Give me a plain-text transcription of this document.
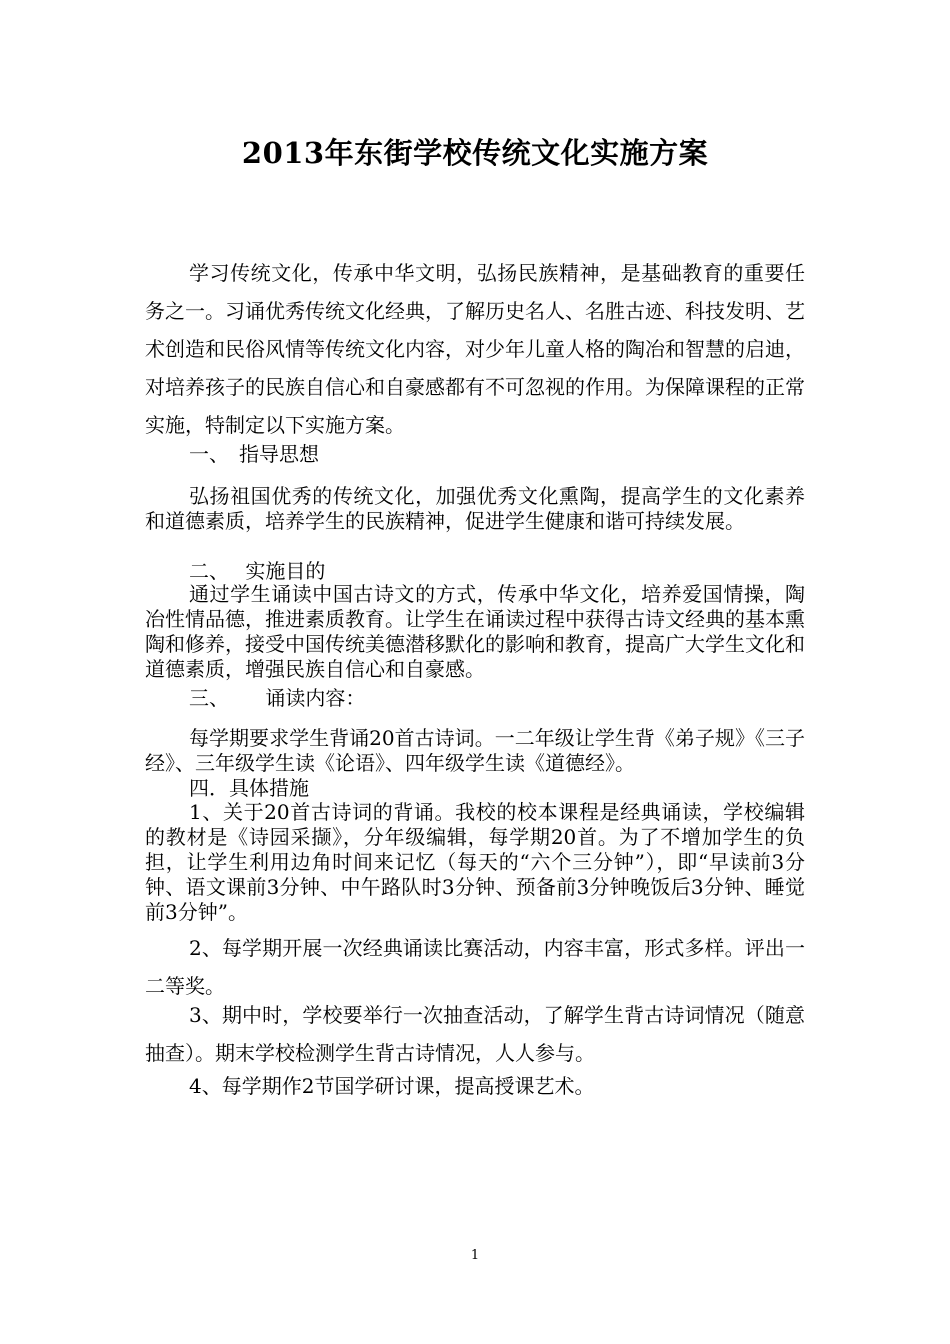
2013年东街学校传统文化实施方案

学习传统文化，传承中华文明，弘扬民族精神，是基础教育的重要任务之一。习诵优秀传统文化经典，了解历史名人、名胜古迹、科技发明、艺术创造和民俗风情等传统文化内容，对少年儿童人格的陶冶和智慧的启迪，对培养孩子的民族自信心和自豪感都有不可忽视的作用。为保障课程的正常实施，特制定以下实施方案。

一、　指导思想

弘扬祖国优秀的传统文化，加强优秀文化熏陶，提高学生的文化素养和道德素质，培养学生的民族精神，促进学生健康和谐可持续发展。

二、　 实施目的

通过学生诵读中国古诗文的方式，传承中华文化，培养爱国情操，陶冶性情品德，推进素质教育。让学生在诵读过程中获得古诗文经典的基本熏陶和修养，接受中国传统美德潜移默化的影响和教育，提高广大学生文化和道德素质，增强民族自信心和自豪感。

三、　　 诵读内容：

每学期要求学生背诵20首古诗词。一二年级让学生背《弟子规》《三子经》、三年级学生读《论语》、四年级学生读《道德经》。

四．具体措施

1、关于20首古诗词的背诵。我校的校本课程是经典诵读，学校编辑的教材是《诗园采撷》，分年级编辑，每学期20首。为了不增加学生的负担，让学生利用边角时间来记忆（每天的“六个三分钟”），即“早读前3分钟、语文课前3分钟、中午路队时3分钟、预备前3分钟晚饭后3分钟、睡觉前3分钟”。

2、每学期开展一次经典诵读比赛活动，内容丰富，形式多样。评出一二等奖。

3、期中时，学校要举行一次抽查活动，了解学生背古诗词情况（随意抽查）。期末学校检测学生背古诗情况，人人参与。

4、每学期作2节国学研讨课，提高授课艺术。

1
